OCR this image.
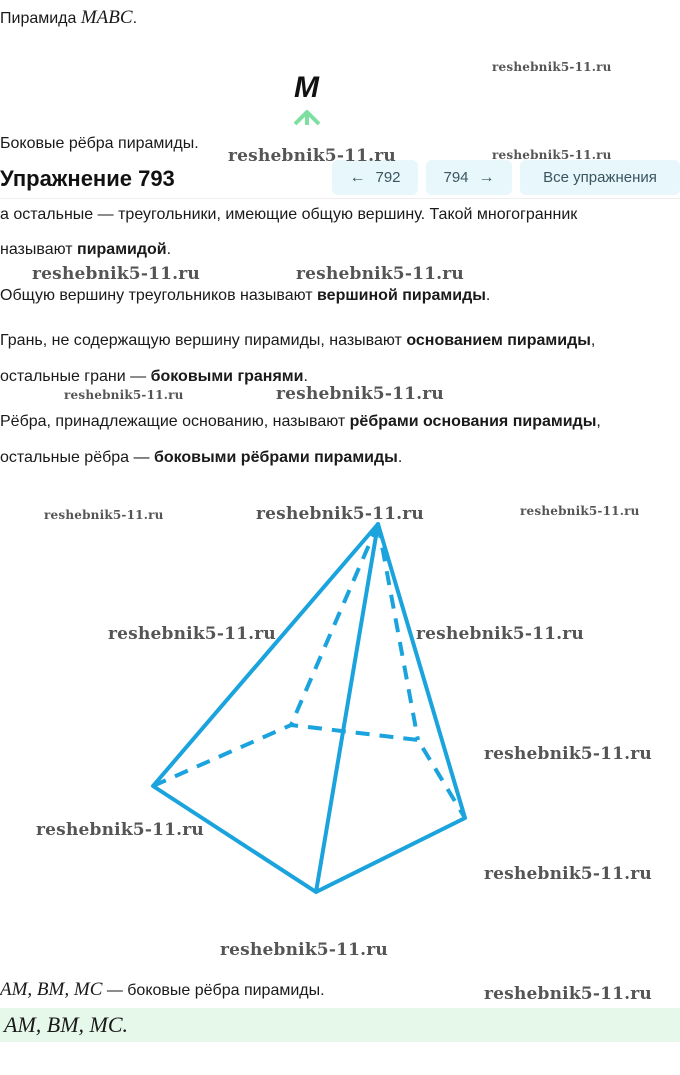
Пирамида MABC.
M
Боковые рёбра пирамиды.
Упражнение 793	← 792	794 →	Все упражнения
а остальные — треугольники, имеющие общую вершину. Такой многогранник
называют пирамидой.
Общую вершину треугольников называют вершиной пирамиды.
Грань, не содержащую вершину пирамиды, называют основанием пирамиды,
остальные грани — боковыми гранями.
Рёбра, принадлежащие основанию, называют рёбрами основания пирамиды,
остальные рёбра — боковыми рёбрами пирамиды.
AM, BM, MC — боковые рёбра пирамиды.
AM, BM, MC.
reshebnik5-11.ru
reshebnik5-11.ru	reshebnik5-11.ru
reshebnik5-11.ru	reshebnik5-11.ru
reshebnik5-11.ru	reshebnik5-11.ru
reshebnik5-11.ru	reshebnik5-11.ru	reshebnik5-11.ru
reshebnik5-11.ru	reshebnik5-11.ru
reshebnik5-11.ru
reshebnik5-11.ru
reshebnik5-11.ru
reshebnik5-11.ru
reshebnik5-11.ru
